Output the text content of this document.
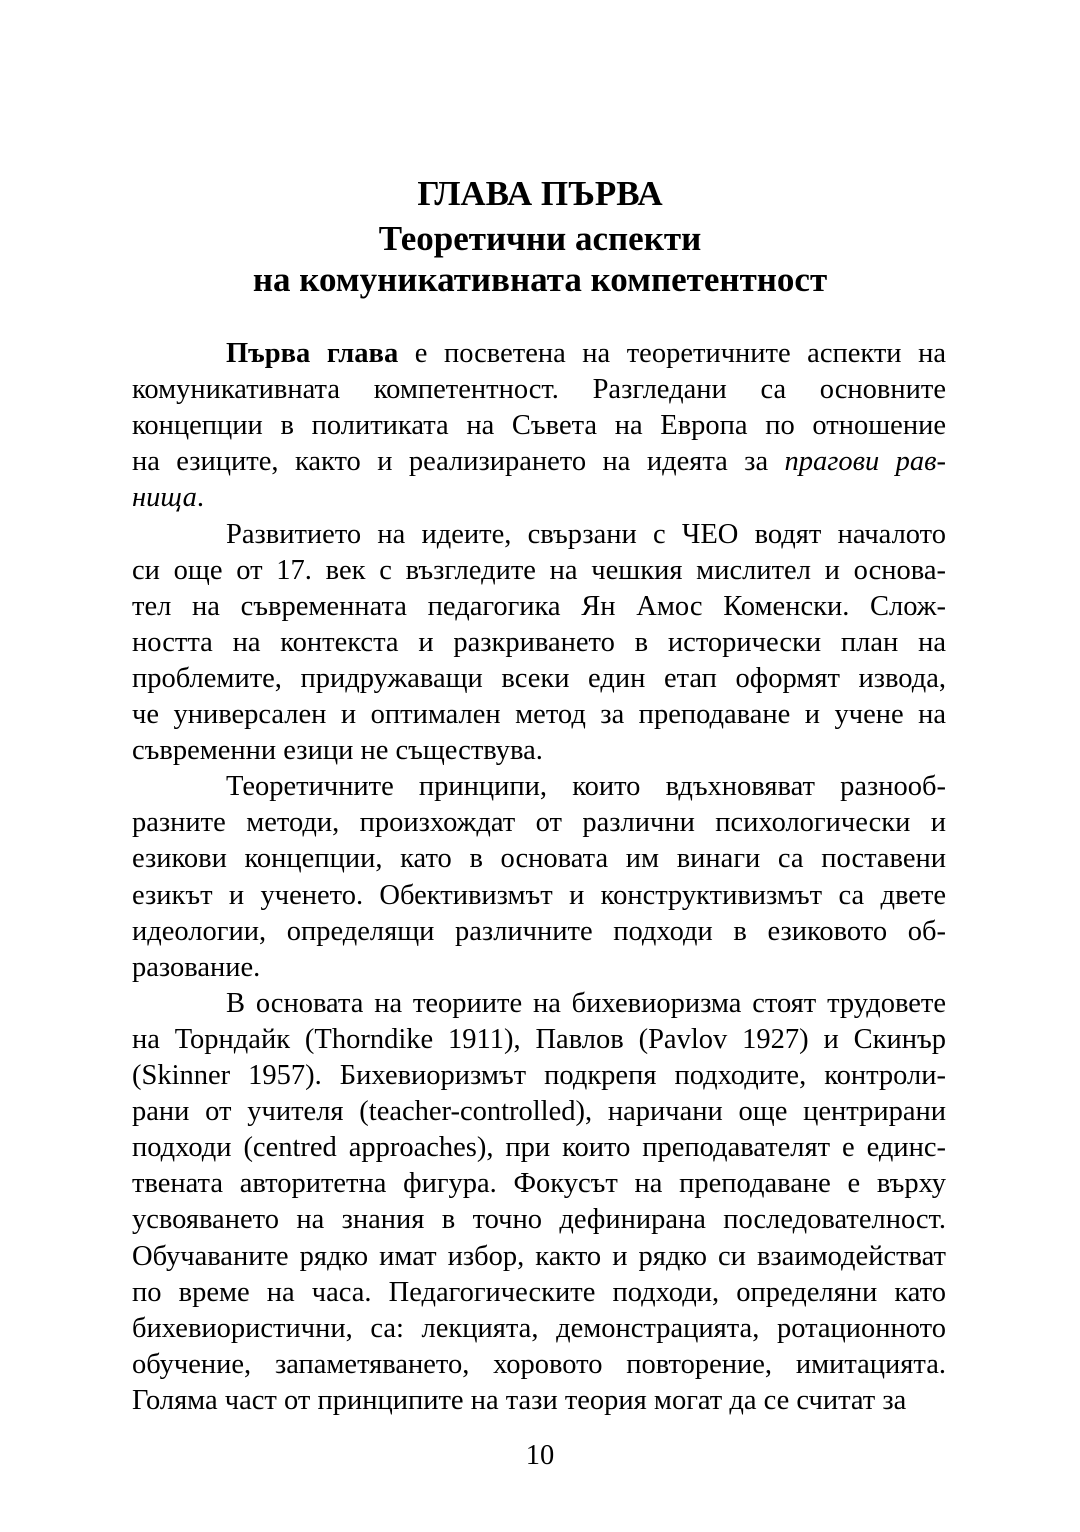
ГЛАВА ПЪРВА
Теоретични аспекти
на комуникативната компетентност
Първа глава е посветена на теоретичните аспекти на
комуникативната компетентност. Разгледани са основните
концепции в политиката на Съвета на Европа по отношение
на езиците, както и реализирането на идеята за прагови рав-
нища.
Развитието на идеите, свързани с ЧЕО водят началото
си още от 17. век с възгледите на чешкия мислител и основа-
тел на съвременната педагогика Ян Амос Коменски. Слож-
ността на контекста и разкриването в исторически план на
проблемите, придружаващи всеки един етап оформят извода,
че универсален и оптимален метод за преподаване и учене на
съвременни езици не съществува.
Теоретичните принципи, които вдъхновяват разнооб-
разните методи, произхождат от различни психологически и
езикови концепции, като в основата им винаги са поставени
езикът и ученето. Обективизмът и конструктивизмът са двете
идеологии, определящи различните подходи в езиковото об-
разование.
В основата на теориите на бихевиоризма стоят трудовете
на Торндайк (Thorndike 1911), Павлов (Pavlov 1927) и Скинър
(Skinner 1957). Бихевиоризмът подкрепя подходите, контроли-
рани от учителя (teacher-controlled), наричани още центрирани
подходи (centred approaches), при които преподавателят е единс-
твената авторитетна фигура. Фокусът на преподаване е върху
усвояването на знания в точно дефинирана последователност.
Обучаваните рядко имат избор, както и рядко си взаимодействат
по време на часа. Педагогическите подходи, определяни като
бихевиористични, са: лекцията, демонстрацията, ротационното
обучение, запаметяването, хоровото повторение, имитацията.
Голяма част от принципите на тази теория могат да се считат за
10
